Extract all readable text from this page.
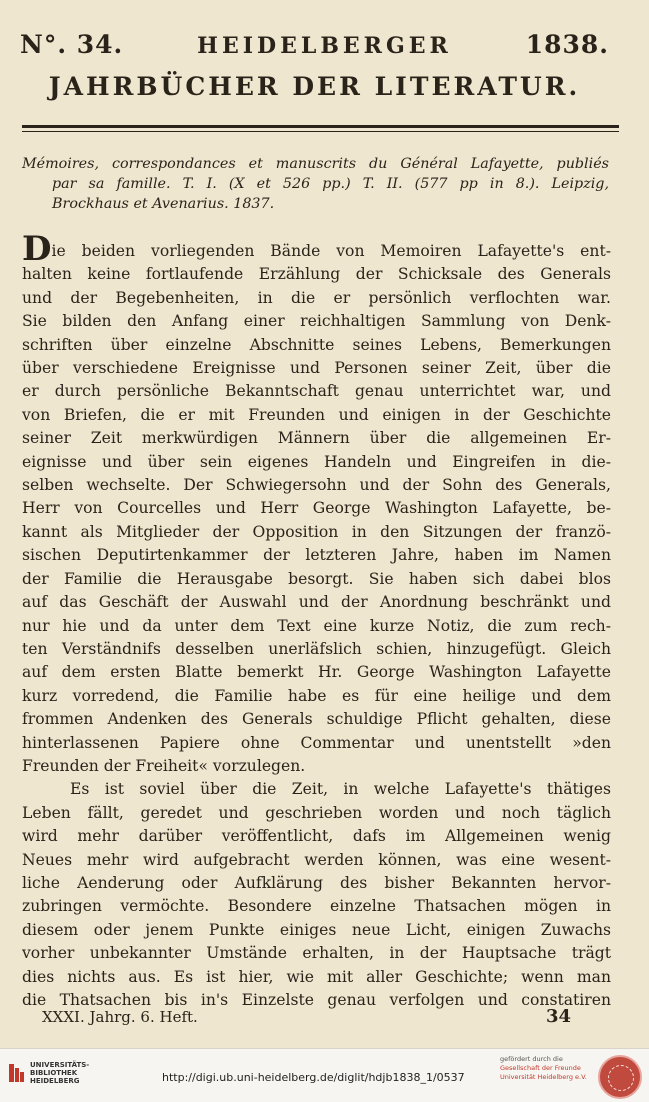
N°. 34.	HEIDELBERGER	1838.
JAHRBÜCHER DER LITERATUR.
Mémoires, correspondances et manuscrits du Général Lafayette, publiés
par sa famille. T. I. (X et 526 pp.) T. II. (577 pp in 8.). Leipzig,
Brockhaus et Avenarius. 1837.
Die beiden vorliegenden Bände von Memoiren Lafayette's ent-
halten keine fortlaufende Erzählung der Schicksale des Generals
und der Begebenheiten, in die er persönlich verflochten war.
Sie bilden den Anfang einer reichhaltigen Sammlung von Denk-
schriften über einzelne Abschnitte seines Lebens, Bemerkungen
über verschiedene Ereignisse und Personen seiner Zeit, über die
er durch persönliche Bekanntschaft genau unterrichtet war, und
von Briefen, die er mit Freunden und einigen in der Geschichte
seiner Zeit merkwürdigen Männern über die allgemeinen Er-
eignisse und über sein eigenes Handeln und Eingreifen in die-
selben wechselte. Der Schwiegersohn und der Sohn des Generals,
Herr von Courcelles und Herr George Washington Lafayette, be-
kannt als Mitglieder der Opposition in den Sitzungen der franzö-
sischen Deputirtenkammer der letzteren Jahre, haben im Namen
der Familie die Herausgabe besorgt. Sie haben sich dabei blos
auf das Geschäft der Auswahl und der Anordnung beschränkt und
nur hie und da unter dem Text eine kurze Notiz, die zum rech-
ten Verständnifs desselben unerläfslich schien, hinzugefügt. Gleich
auf dem ersten Blatte bemerkt Hr. George Washington Lafayette
kurz vorredend, die Familie habe es für eine heilige und dem
frommen Andenken des Generals schuldige Pflicht gehalten, diese
hinterlassenen Papiere ohne Commentar und unentstellt »den
Freunden der Freiheit« vorzulegen.
Es ist soviel über die Zeit, in welche Lafayette's thätiges
Leben fällt, geredet und geschrieben worden und noch täglich
wird mehr darüber veröffentlicht, dafs im Allgemeinen wenig
Neues mehr wird aufgebracht werden können, was eine wesent-
liche Aenderung oder Aufklärung des bisher Bekannten hervor-
zubringen vermöchte. Besondere einzelne Thatsachen mögen in
diesem oder jenem Punkte einiges neue Licht, einigen Zuwachs
vorher unbekannter Umstände erhalten, in der Hauptsache trägt
dies nichts aus. Es ist hier, wie mit aller Geschichte; wenn man
die Thatsachen bis in's Einzelste genau verfolgen und constatiren
XXXI. Jahrg. 6. Heft.	34
UNIVERSITÄTS-
BIBLIOTHEK
HEIDELBERG	http://digi.ub.uni-heidelberg.de/diglit/hdjb1838_1/0537
gefördert durch die
Gesellschaft der Freunde
Universität Heidelberg e.V.
